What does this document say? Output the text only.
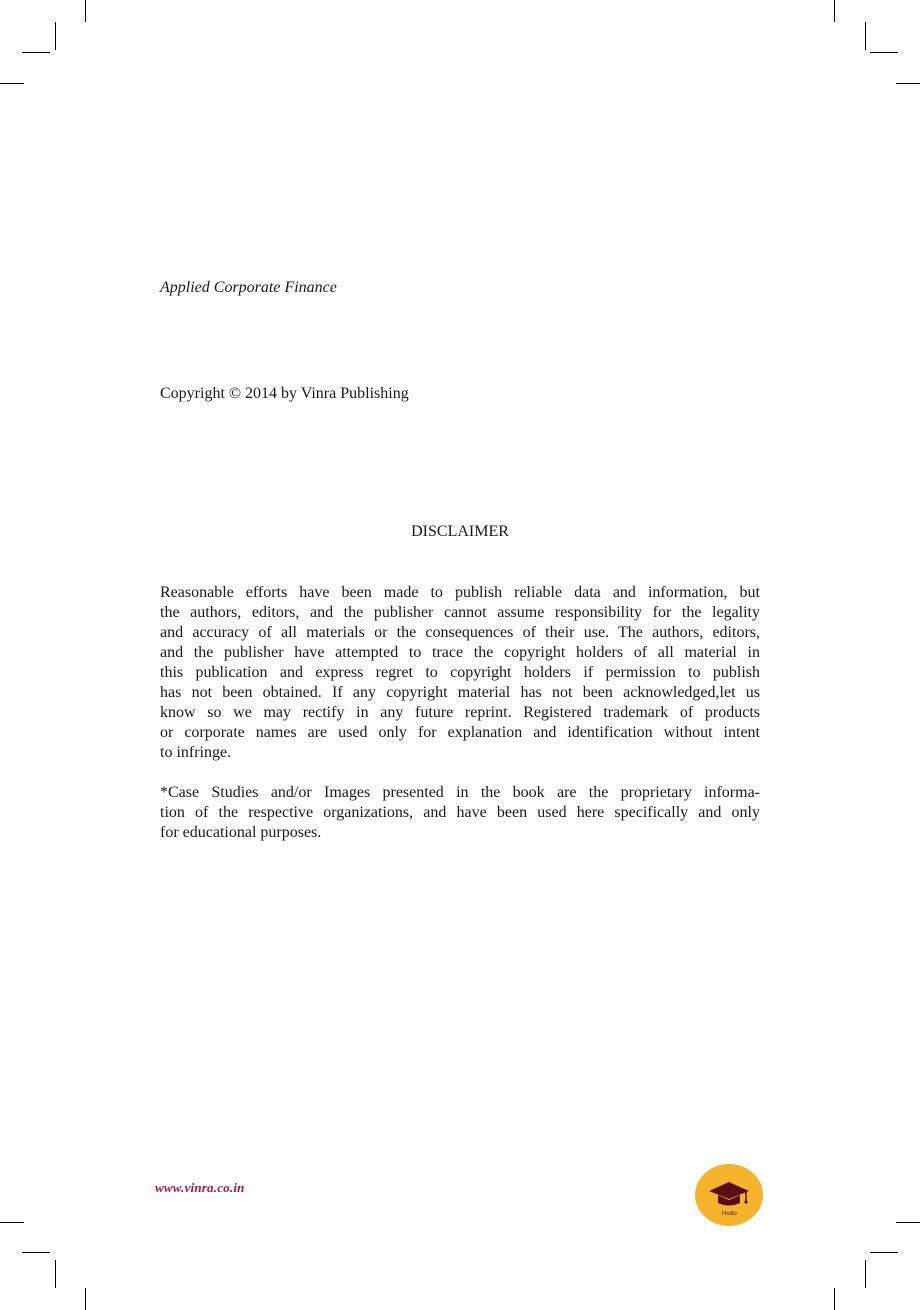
Applied Corporate Finance
Copyright © 2014 by Vinra Publishing
DISCLAIMER
Reasonable efforts have been made to publish reliable data and information, but
the authors, editors, and the publisher cannot assume responsibility for the legality
and accuracy of all materials or the consequences of their use. The authors, editors,
and the publisher have attempted to trace the copyright holders of all material in
this publication and express regret to copyright holders if permission to publish
has not been obtained. If any copyright material has not been acknowledged,let us
know so we may rectify in any future reprint. Registered trademark of products
or corporate names are used only for explanation and identification without intent
to infringe.
*Case Studies and/or Images presented in the book are the proprietary informa-
tion of the respective organizations, and have been used here specifically and only
for educational purposes.
www.vinra.co.in
VinRa
